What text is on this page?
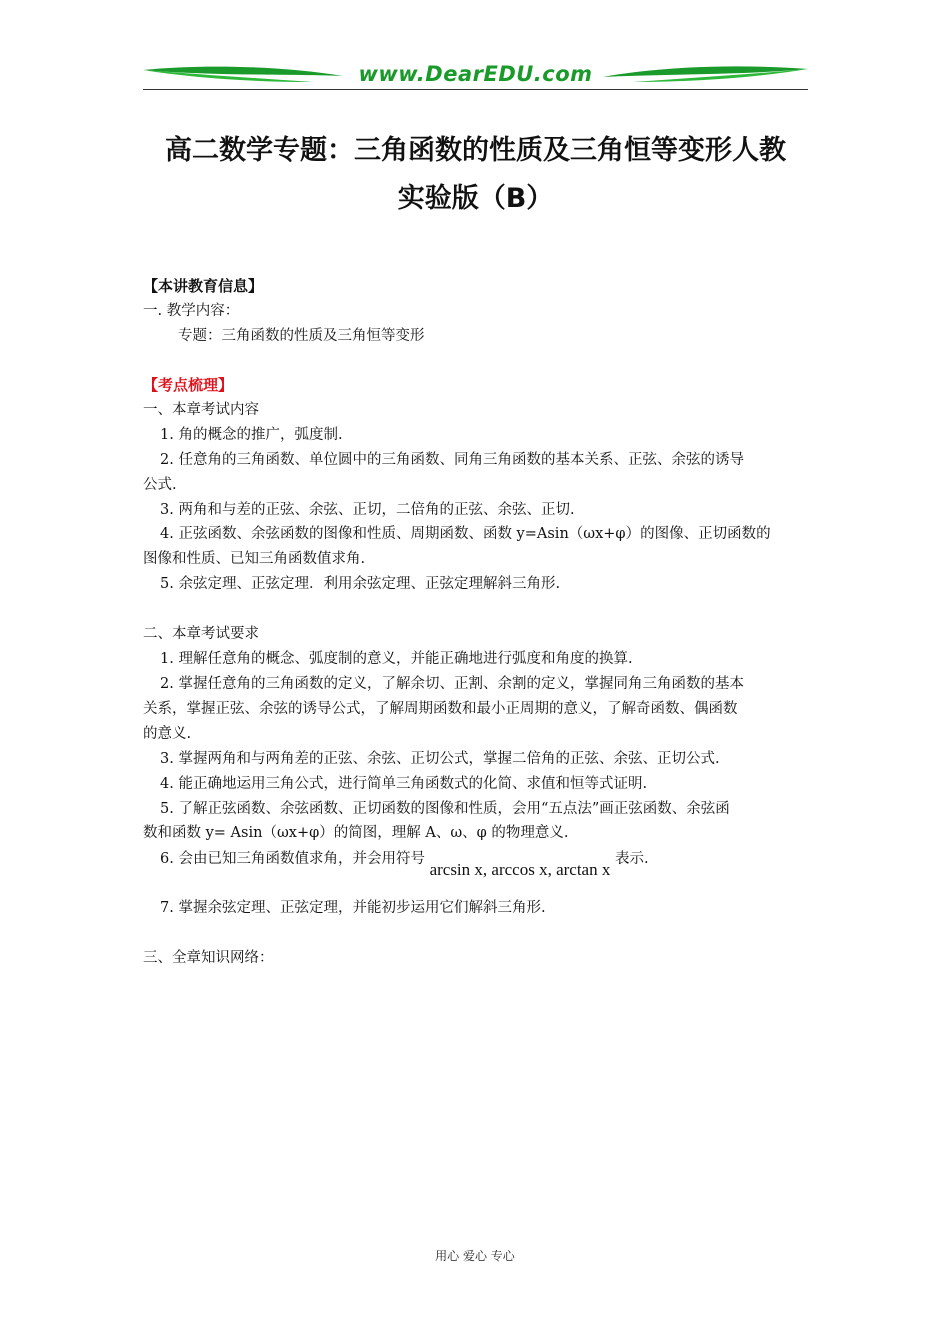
www.DearEDU.com
高二数学专题：三角函数的性质及三角恒等变形人教
实验版（B）
【本讲教育信息】
一. 教学内容：
专题：三角函数的性质及三角恒等变形
【考点梳理】
一、本章考试内容
1. 角的概念的推广，弧度制.
2. 任意角的三角函数、单位圆中的三角函数、同角三角函数的基本关系、正弦、余弦的诱导
公式.
3. 两角和与差的正弦、余弦、正切，二倍角的正弦、余弦、正切.
4. 正弦函数、余弦函数的图像和性质、周期函数、函数 y=Asin（ωx+φ）的图像、正切函数的
图像和性质、已知三角函数值求角.
5. 余弦定理、正弦定理．利用余弦定理、正弦定理解斜三角形.
二、本章考试要求
1. 理解任意角的概念、弧度制的意义，并能正确地进行弧度和角度的换算.
2. 掌握任意角的三角函数的定义，了解余切、正割、余割的定义，掌握同角三角函数的基本
关系，掌握正弦、余弦的诱导公式，了解周期函数和最小正周期的意义，了解奇函数、偶函数
的意义.
3. 掌握两角和与两角差的正弦、余弦、正切公式，掌握二倍角的正弦、余弦、正切公式.
4. 能正确地运用三角公式，进行简单三角函数式的化简、求值和恒等式证明.
5. 了解正弦函数、余弦函数、正切函数的图像和性质，会用“五点法”画正弦函数、余弦函
数和函数 y= Asin（ωx+φ）的简图，理解 A、ω、φ 的物理意义.
6. 会由已知三角函数值求角，并会用符号 arcsin x, arccos x, arctan x 表示.
7. 掌握余弦定理、正弦定理，并能初步运用它们解斜三角形.
三、全章知识网络：
用心 爱心 专心
